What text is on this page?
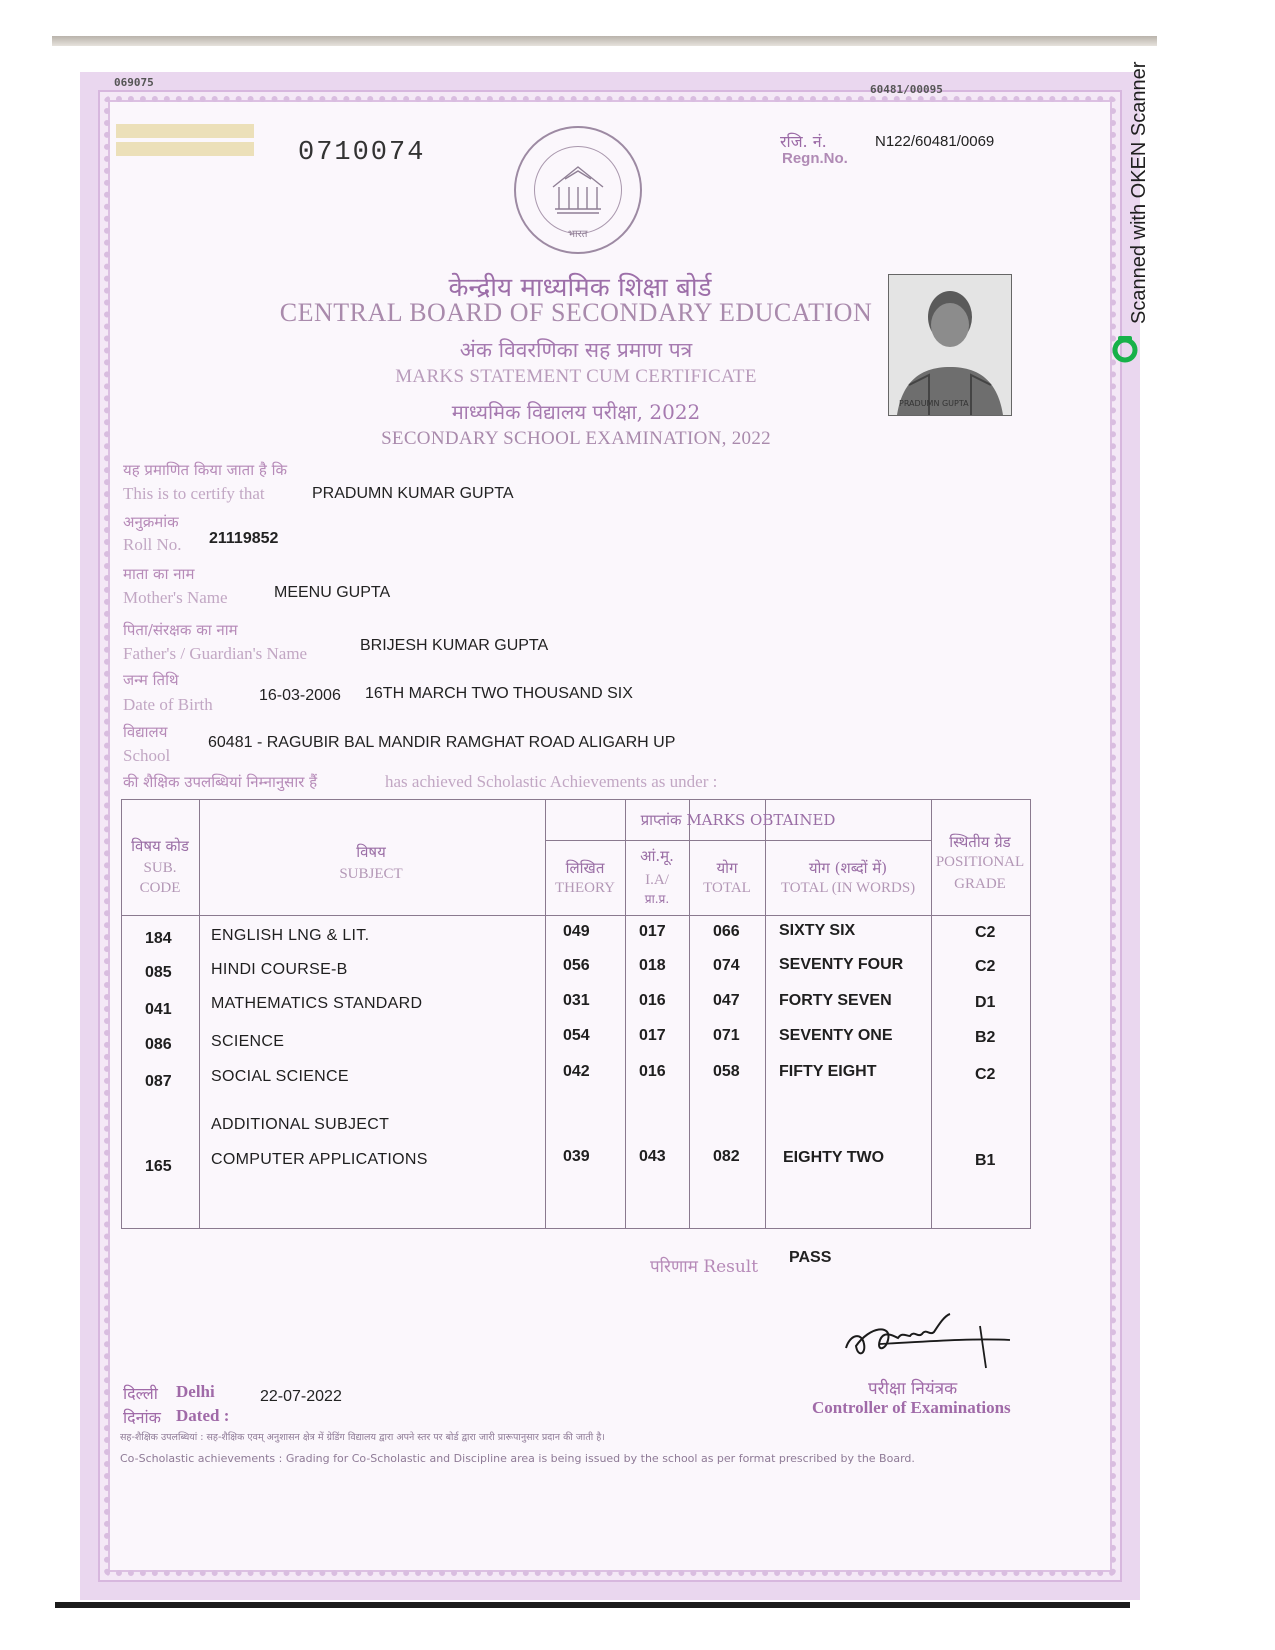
069075
60481/00095
0710074	रजि. नं.
Regn.No.
N122/60481/0069
भारत
केन्द्रीय माध्यमिक शिक्षा बोर्ड
CENTRAL BOARD OF SECONDARY EDUCATION
अंक विवरणिका सह प्रमाण पत्र
MARKS STATEMENT CUM CERTIFICATE
माध्यमिक विद्यालय परीक्षा, 2022
SECONDARY SCHOOL EXAMINATION, 2022
PRADUMN GUPTA
यह प्रमाणित किया जाता है कि
This is to certify that	PRADUMN KUMAR GUPTA
अनुक्रमांक
Roll No. 21119852
माता का नाम
Mother's Name	MEENU GUPTA
पिता/संरक्षक का नाम
Father's / Guardian's Name	BRIJESH KUMAR GUPTA
जन्म तिथि
Date of Birth	16-03-2006 16TH MARCH TWO THOUSAND SIX
विद्यालय
School
60481 - RAGUBIR BAL MANDIR RAMGHAT ROAD ALIGARH UP
की शैक्षिक उपलब्धियां निम्नानुसार हैं	has achieved Scholastic Achievements as under :
प्राप्तांक MARKS OBTAINED
विषय कोड
SUB.
CODE
विषय
SUBJECT	लिखित
THEORY
आं.मू.
I.A/
प्रा.प्र.
योग
TOTAL
योग (शब्दों में)
TOTAL (IN WORDS)
स्थितीय ग्रेड
POSITIONAL
GRADE
184 ENGLISH LNG & LIT.	049	017	066 SIXTY SIX	C2
085 HINDI COURSE-B	056	018	074 SEVENTY FOUR	C2
041 MATHEMATICS STANDARD	031	016	047 FORTY SEVEN	D1
086 SCIENCE	054	017	071 SEVENTY ONE	B2
087 SOCIAL SCIENCE	042	016	058 FIFTY EIGHT	C2
ADDITIONAL SUBJECT
165 COMPUTER APPLICATIONS	039	043	082	EIGHTY TWO	B1
परिणाम Result PASS
परीक्षा नियंत्रक
Controller of Examinations
दिल्ली Delhi
दिनांक Dated :
22-07-2022
सह-शैक्षिक उपलब्धियां : सह-शैक्षिक एवम् अनुशासन क्षेत्र में ग्रेडिंग विद्यालय द्वारा अपने स्तर पर बोर्ड द्वारा जारी प्रारूपानुसार प्रदान की जाती है।
Co-Scholastic achievements : Grading for Co-Scholastic and Discipline area is being issued by the school as per format prescribed by the Board.
Scanned with OKEN Scanner
